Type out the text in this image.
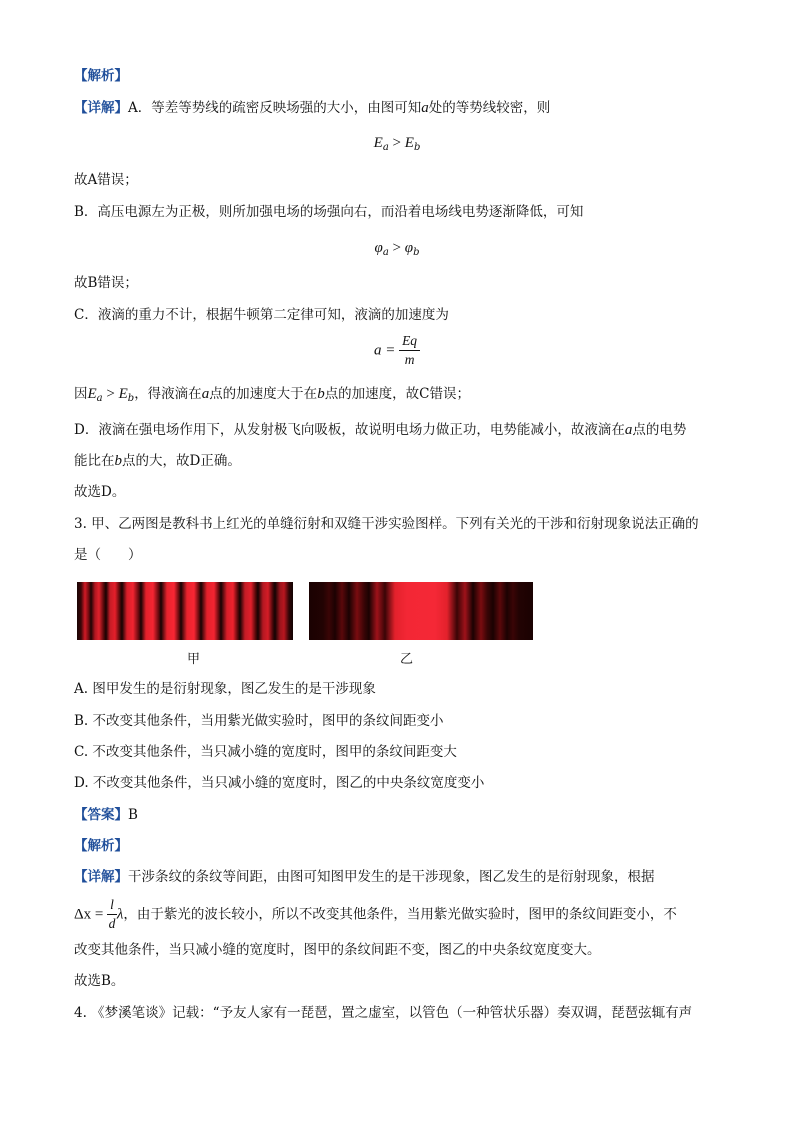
【解析】
【详解】A．等差等势线的疏密反映场强的大小，由图可知a处的等势线较密，则
$E_a > E_b$
故A错误；
B．高压电源左为正极，则所加强电场的场强向右，而沿着电场线电势逐渐降低，可知
$\varphi_a > \varphi_b$
故B错误；
C．液滴的重力不计，根据牛顿第二定律可知，液滴的加速度为
$a = \frac{Eq}{m}$
因$E_a > E_b$，得液滴在a点的加速度大于在b点的加速度，故C错误；
D．液滴在强电场作用下，从发射极飞向吸板，故说明电场力做正功，电势能减小，故液滴在a点的电势
能比在b点的大，故D正确。
故选D。
3. 甲、乙两图是教科书上红光的单缝衍射和双缝干涉实验图样。下列有关光的干涉和衍射现象说法正确的
是（　　）
甲	乙
A. 图甲发生的是衍射现象，图乙发生的是干涉现象
B. 不改变其他条件，当用紫光做实验时，图甲的条纹间距变小
C. 不改变其他条件，当只减小缝的宽度时，图甲的条纹间距变大
D. 不改变其他条件，当只减小缝的宽度时，图乙的中央条纹宽度变小
【答案】B
【解析】
【详解】干涉条纹的条纹等间距，由图可知图甲发生的是干涉现象，图乙发生的是衍射现象，根据
$\Delta x = \frac{l}{d}$ λ，由于紫光的波长较小，所以不改变其他条件，当用紫光做实验时，图甲的条纹间距变小，不
改变其他条件，当只减小缝的宽度时，图甲的条纹间距不变，图乙的中央条纹宽度变大。
故选B。
4. 《梦溪笔谈》记载：“予友人家有一琵琶，置之虚室，以管色（一种管状乐器）奏双调，琵琶弦辄有声
